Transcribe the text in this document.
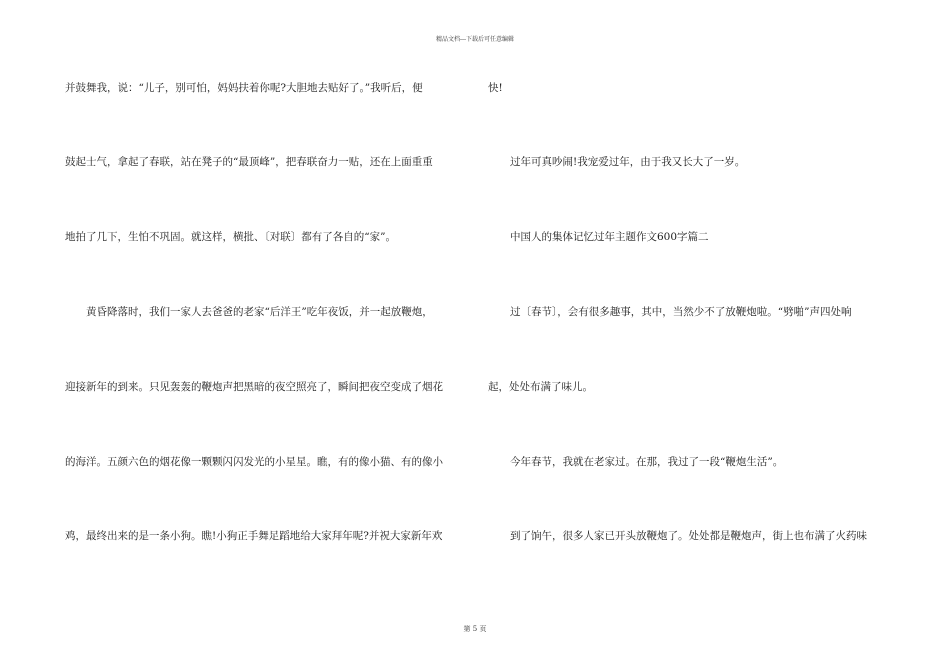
精品文档---下载后可任意编辑
并鼓舞我，说：“儿子，别可怕，妈妈扶着你呢?大胆地去贴好了。”我听后，便
鼓起士气，拿起了春联，站在凳子的“最顶峰”，把春联奋力一贴，还在上面重重
地拍了几下，生怕不巩固。就这样，横批、〔对联〕都有了各自的“家”。
黄昏降落时，我们一家人去爸爸的老家“后洋王”吃年夜饭，并一起放鞭炮，
迎接新年的到来。只见轰轰的鞭炮声把黑暗的夜空照亮了，瞬间把夜空变成了烟花
的海洋。五颜六色的烟花像一颗颗闪闪发光的小星星。瞧，有的像小猫、有的像小
鸡，最终出来的是一条小狗。瞧!小狗正手舞足蹈地给大家拜年呢?并祝大家新年欢
快!
过年可真吵闹!我宠爱过年，由于我又长大了一岁。
中国人的集体记忆过年主题作文600字篇二
过〔春节〕，会有很多趣事，其中，当然少不了放鞭炮啦。“劈啪”声四处响
起，处处布满了味儿。
今年春节，我就在老家过。在那，我过了一段“鞭炮生活”。
到了饷午，很多人家已开头放鞭炮了。处处都是鞭炮声，街上也布满了火药味
第 5 页
